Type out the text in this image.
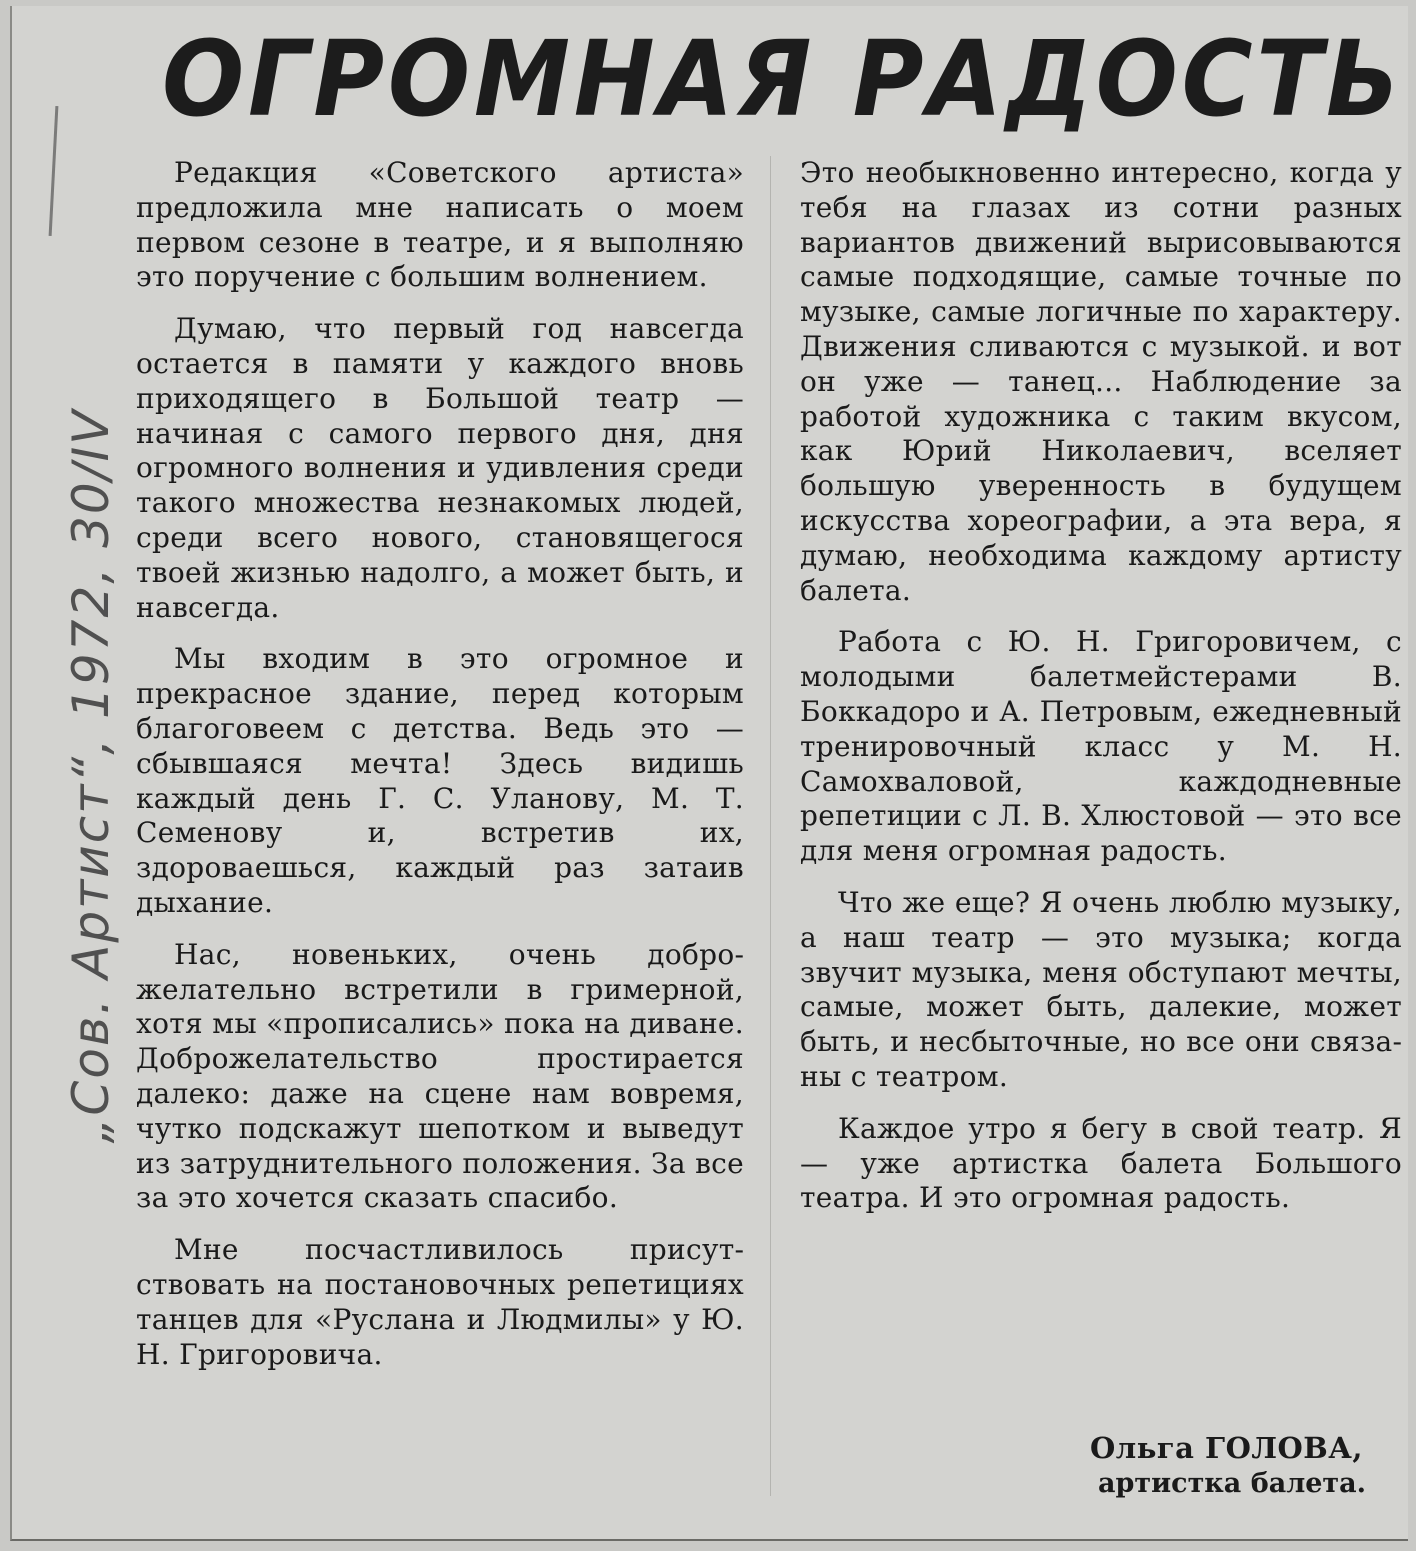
„Сов. Артист“, 1972, 30/IV
ОГРОМНАЯ РАДОСТЬ

Редакция «Советского артиста» предложила мне написать о моем первом сезоне в театре, и я выполняю это поручение с большим волнением.

Думаю, что первый год навсегда остается в памяти у каждого вновь приходящего в Большой театр — начиная с самого первого дня, дня огромного волнения и удивления среди такого множества незнакомых людей, среди всего нового, становящегося твоей жизнью надолго, а может быть, и навсегда.

Мы входим в это огромное и прекрасное здание, перед которым благоговеем с детства. Ведь это — сбывшаяся мечта! Здесь видишь каждый день Г. С. Уланову, М. Т. Семенову и, встретив их, здороваешься, каждый раз затаив дыхание.

Нас, новеньких, очень доброжелательно встретили в гримерной, хотя мы «прописались» пока на диване. Доброжелательство простирается далеко: даже на сцене нам вовремя, чутко подскажут шепотком и выведут из затруднительного положения. За все за это хочется сказать спасибо.

Мне посчастливилось присутствовать на постановочных репетициях танцев для «Руслана и Людмилы» у Ю. Н. Григоровича.

Это необыкновенно интересно, когда у тебя на глазах из сотни разных вариантов движений вырисовываются самые подходящие, самые точные по музыке, самые логичные по характеру. Движения сливаются с музыкой. и вот он уже — танец... Наблюдение за работой художника с таким вкусом, как Юрий Николаевич, вселяет большую уверенность в будущем искусства хореографии, а эта вера, я думаю, необходима каждому артисту балета.

Работа с Ю. Н. Григоровичем, с молодыми балетмейстерами В. Боккадоро и А. Петровым, ежедневный тренировочный класс у М. Н. Самохваловой, каждодневные репетиции с Л. В. Хлюстовой — это все для меня огромная радость.

Что же еще? Я очень люблю музыку, а наш театр — это музыка; когда звучит музыка, меня обступают мечты, самые, может быть, далекие, может быть, и несбыточные, но все они связаны с театром.

Каждое утро я бегу в свой театр. Я — уже артистка балета Большого театра. И это огромная радость.

Ольга ГОЛОВА,
артистка балета.
